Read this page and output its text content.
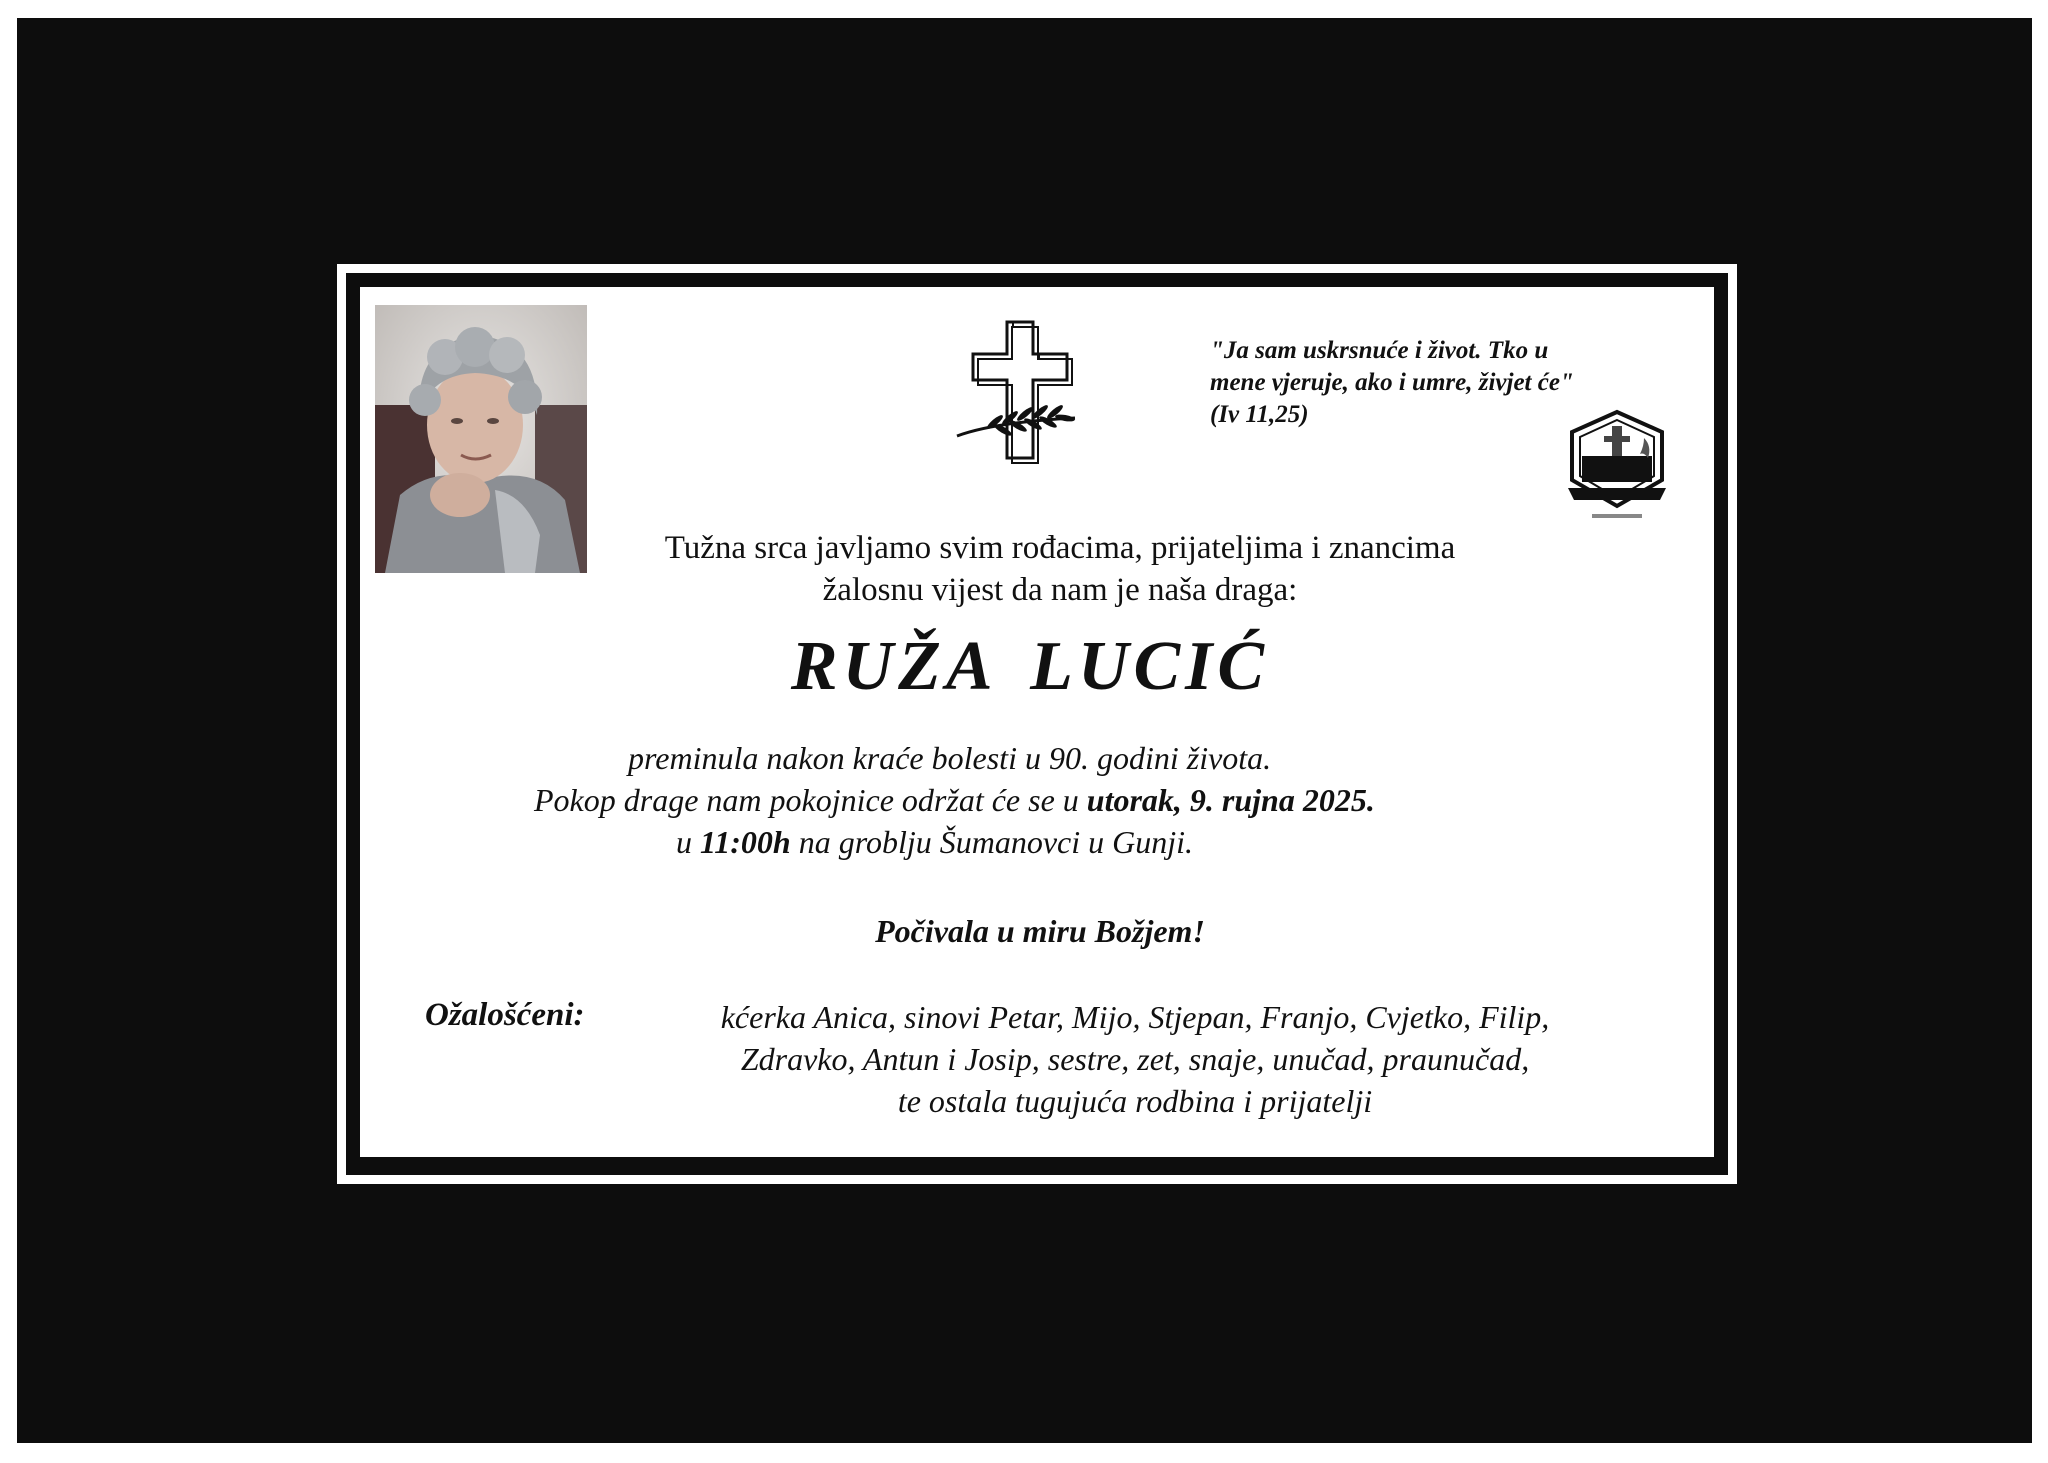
"Ja sam uskrsnuće i život. Tko u
mene vjeruje, ako i umre, živjet će"
(Iv 11,25)
Tužna srca javljamo svim rođacima, prijateljima i znancima
žalosnu vijest da nam je naša draga:
RUŽA LUCIĆ
preminula nakon kraće bolesti u 90. godini života.
Pokop drage nam pokojnice održat će se u utorak, 9. rujna 2025.
u 11:00h na groblju Šumanovci u Gunji.
Počivala u miru Božjem!
Ožalošćeni:	kćerka Anica, sinovi Petar, Mijo, Stjepan, Franjo, Cvjetko, Filip,
Zdravko, Antun i Josip, sestre, zet, snaje, unučad, praunučad,
te ostala tugujuća rodbina i prijatelji
